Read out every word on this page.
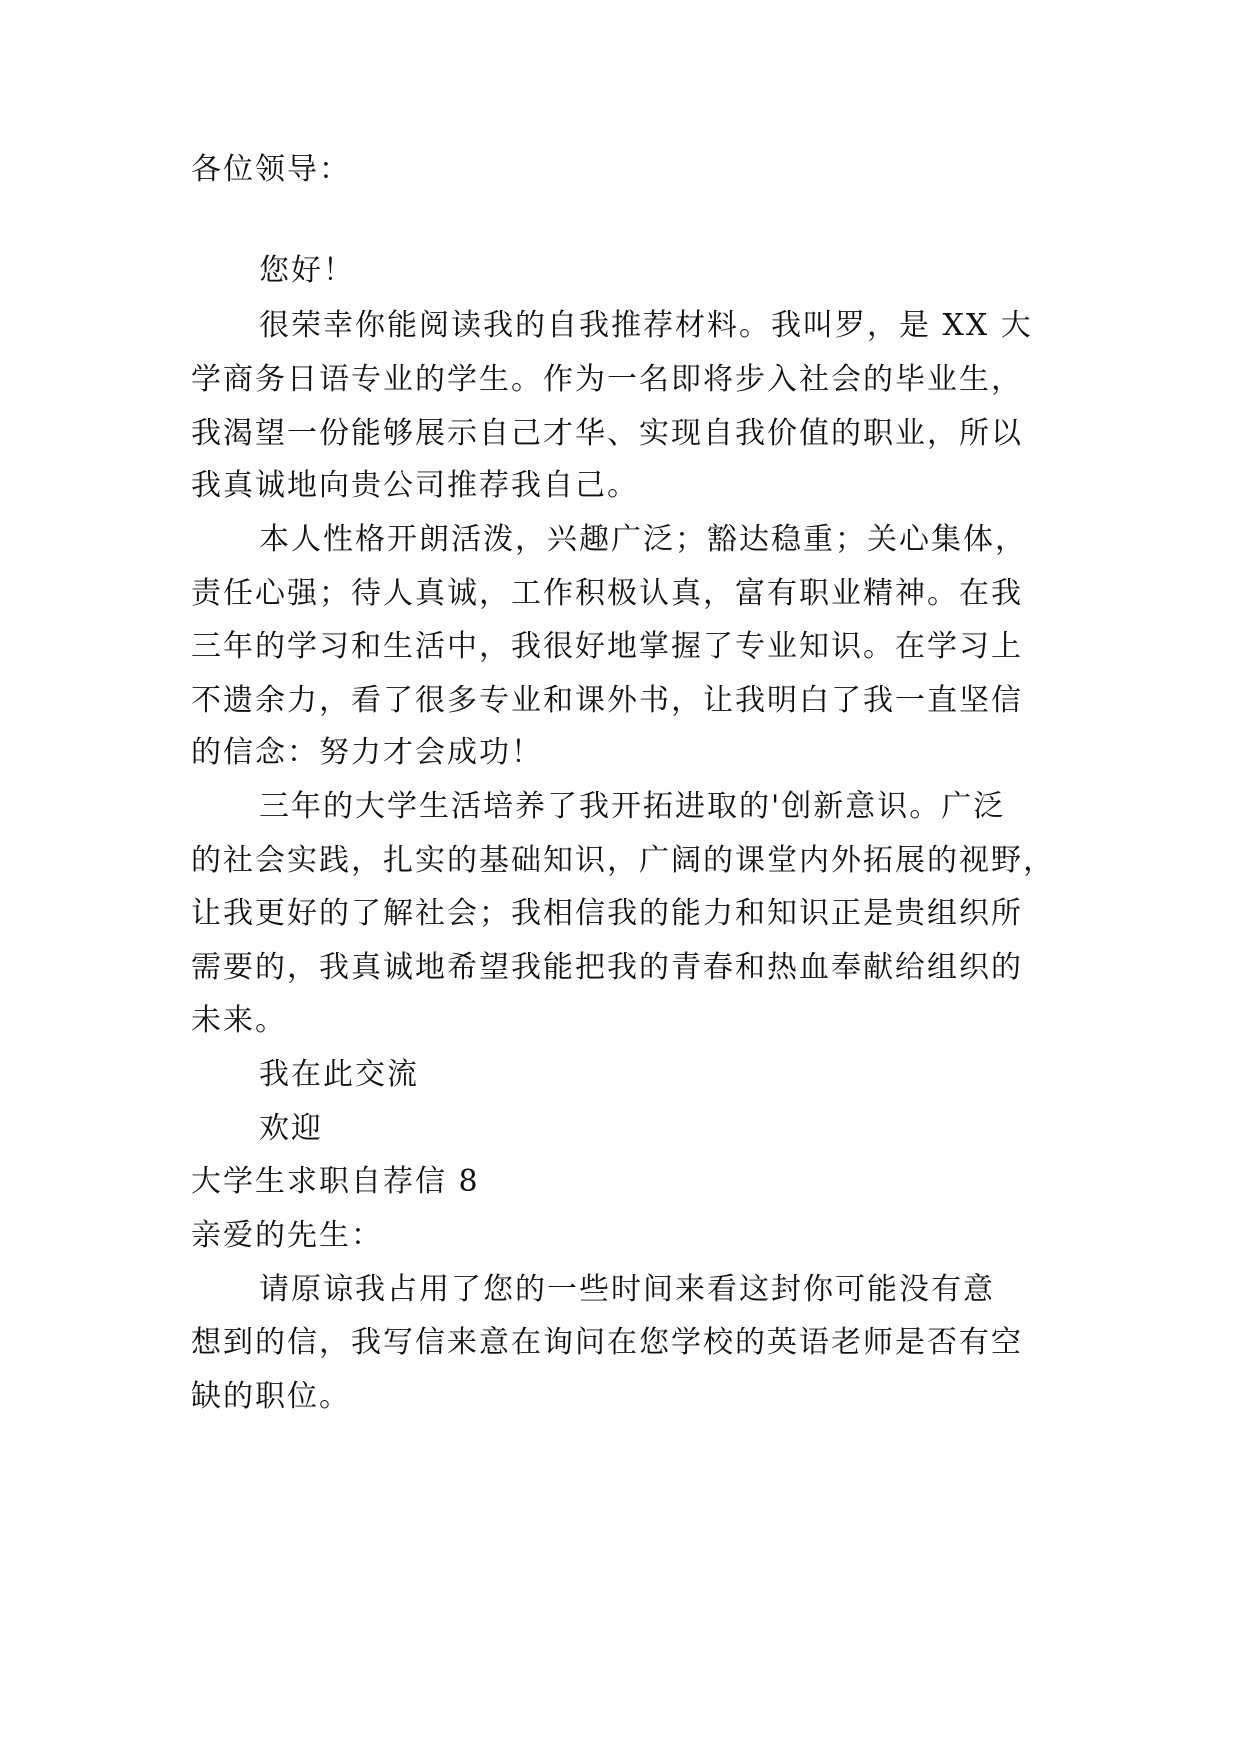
各位领导：

您好！

很荣幸你能阅读我的自我推荐材料。我叫罗，是 XX 大

学商务日语专业的学生。作为一名即将步入社会的毕业生，

我渴望一份能够展示自己才华、实现自我价值的职业，所以

我真诚地向贵公司推荐我自己。

本人性格开朗活泼，兴趣广泛；豁达稳重；关心集体，

责任心强；待人真诚，工作积极认真，富有职业精神。在我

三年的学习和生活中，我很好地掌握了专业知识。在学习上

不遗余力，看了很多专业和课外书，让我明白了我一直坚信

的信念：努力才会成功！

三年的大学生活培养了我开拓进取的'创新意识。广泛

的社会实践，扎实的基础知识，广阔的课堂内外拓展的视野，

让我更好的了解社会；我相信我的能力和知识正是贵组织所

需要的，我真诚地希望我能把我的青春和热血奉献给组织的

未来。

我在此交流

欢迎

大学生求职自荐信 8

亲爱的先生：

请原谅我占用了您的一些时间来看这封你可能没有意

想到的信，我写信来意在询问在您学校的英语老师是否有空

缺的职位。
